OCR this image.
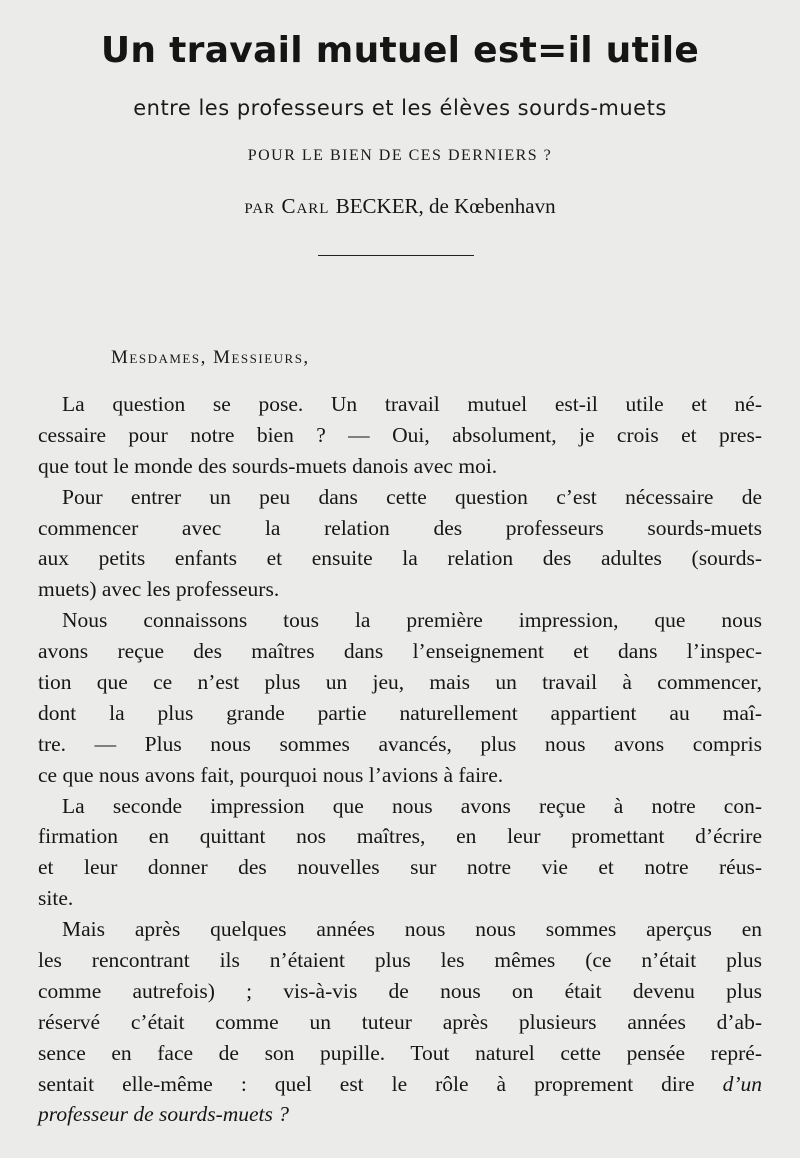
Un travail mutuel est=il utile
entre les professeurs et les élèves sourds-muets
POUR LE BIEN DE CES DERNIERS ?
par Carl BECKER, de Kœbenhavn
Mesdames, Messieurs,
La question se pose. Un travail mutuel est-il utile et né-
cessaire pour notre bien ? — Oui, absolument, je crois et pres-
que tout le monde des sourds-muets danois avec moi.
Pour entrer un peu dans cette question c’est nécessaire de
commencer avec la relation des professeurs sourds-muets
aux petits enfants et ensuite la relation des adultes (sourds-
muets) avec les professeurs.
Nous connaissons tous la première impression, que nous
avons reçue des maîtres dans l’enseignement et dans l’inspec-
tion que ce n’est plus un jeu, mais un travail à commencer,
dont la plus grande partie naturellement appartient au maî-
tre. — Plus nous sommes avancés, plus nous avons compris
ce que nous avons fait, pourquoi nous l’avions à faire.
La seconde impression que nous avons reçue à notre con-
firmation en quittant nos maîtres, en leur promettant d’écrire
et leur donner des nouvelles sur notre vie et notre réus-
site.
Mais après quelques années nous nous sommes aperçus en
les rencontrant ils n’étaient plus les mêmes (ce n’était plus
comme autrefois) ; vis-à-vis de nous on était devenu plus
réservé c’était comme un tuteur après plusieurs années d’ab-
sence en face de son pupille. Tout naturel cette pensée repré-
sentait elle-même : quel est le rôle à proprement dire d’un
professeur de sourds-muets ?
